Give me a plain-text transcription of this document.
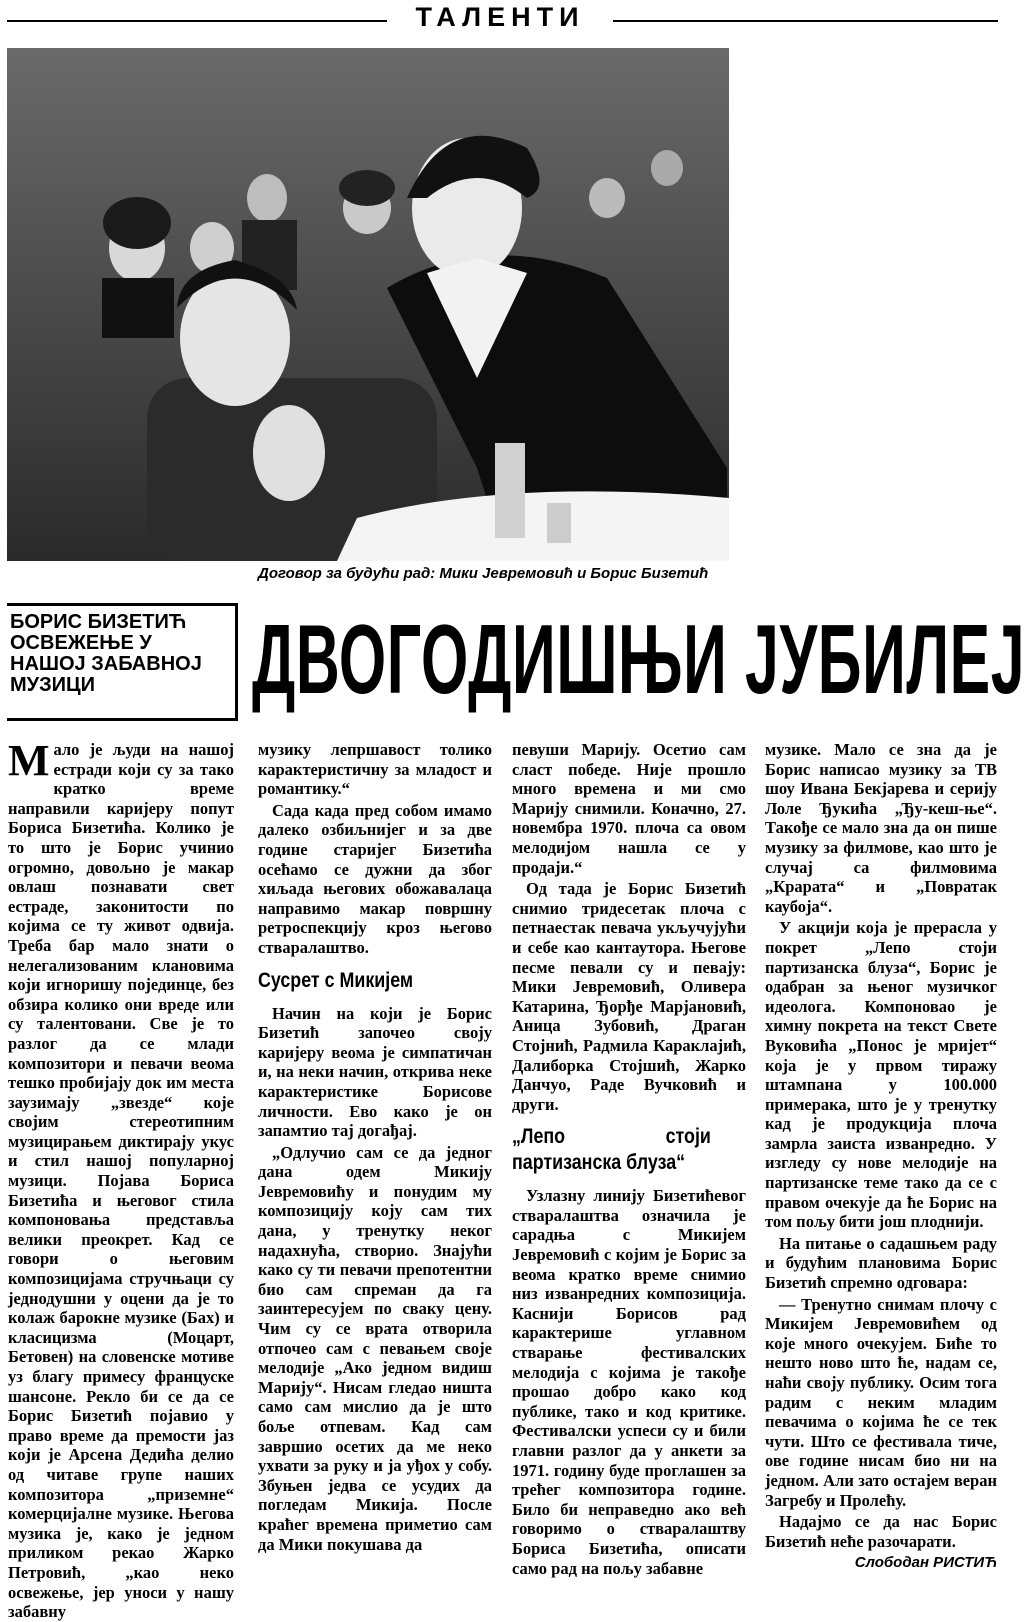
ТАЛЕНТИ
Договор за будући рад: Мики Јевремовић и Борис Бизетић
БОРИС БИЗЕТИЋ ОСВЕЖЕЊЕ У НАШОЈ ЗАБАВНОЈ МУЗИЦИ	ДВОГОДИШЊИ ЈУБИЛЕЈ

Мало је људи на нашој естради који су за тако кратко време направили каријеру попут Бориса Бизетића. Колико је то што је Борис учинио огромно, довољно је макар овлаш познавати свет естраде, законитости по којима се ту живот одвија. Треба бар мало знати о нелегализованим клановима који игноришу појединце, без обзира колико они вреде или су талентовани. Све је то разлог да се млади композитори и певачи веома тешко пробијају док им места заузимају „звезде“ које својим стереотипним музицирањем диктирају укус и стил нашој популарној музици. Појава Бориса Бизетића и његовог стила компоновања представља велики преокрет. Кад се говори о његовим композицијама стручњаци су једнодушни у оцени да је то колаж барокне музике (Бах) и класицизма (Моцарт, Бетовен) на словенске мотиве уз благу примесу француске шансоне. Рекло би се да се Борис Бизетић појавио у право време да премости јаз који је Арсена Дедића делио од читаве групе наших композитора „приземне“ комерцијалне музике. Његова музика је, како је једном приликом рекао Жарко Петровић, „као неко освежење, јер уноси у нашу забавну

музику лепршавост толико карактеристичну за младост и романтику.“

Сада када пред собом имамо далеко озбиљнијег и за две године старијег Бизетића осећамо се дужни да због хиљада његових обожавалаца направимо макар површну ретроспекцију кроз његово стваралаштво.

Сусрет с Микијем

Начин на који је Борис Бизетић започео своју каријеру веома је симпатичан и, на неки начин, открива неке карактеристике Борисове личности. Ево како је он запамтио тај догађај.

„Одлучио сам се да једног дана одем Микију Јевремовићу и понудим му композицију коју сам тих дана, у тренутку неког надахнућа, створио. Знајући како су ти певачи препотентни био сам спреман да га заинтересујем по сваку цену. Чим су се врата отворила отпочео сам с певањем своје мелодије „Ако једном видиш Марију“. Нисам гледао ништа само сам мислио да је што боље отпевам. Кад сам завршио осетих да ме неко ухвати за руку и ја уђох у собу. Збуњен једва се усудих да погледам Микија. После краћег времена приметио сам да Мики покушава да

певуши Марију. Осетио сам сласт победе. Није прошло много времена и ми смо Марију снимили. Коначно, 27. новембра 1970. плоча са овом мелодијом нашла се у продаји.“

Од тада је Борис Бизетић снимио тридесетак плоча с петнаестак певача укључујући и себе као кантаутора. Његове песме певали су и певају: Мики Јевремовић, Оливера Катарина, Ђорђе Марјановић, Аница Зубовић, Драган Стојнић, Радмила Караклајић, Далиборка Стојшић, Жарко Данчуо, Раде Вучковић и други.

„Лепо стоји партизанска блуза“

Узлазну линију Бизетићевог стваралаштва означила је сарадња с Микијем Јевремовић с којим је Борис за веома кратко време снимио низ изванредних композиција. Каснији Борисов рад карактерише углавном стварање фестивалских мелодија с којима је такође прошао добро како код публике, тако и код критике. Фестивалски успеси су и били главни разлог да у анкети за 1971. годину буде проглашен за трећег композитора године. Било би неправедно ако већ говоримо о стваралаштву Бориса Бизетића, описати само рад на пољу забавне

музике. Мало се зна да је Борис написао музику за ТВ шоу Ивана Бекјарева и серију Лоле Ђукића „Ђу-кеш-ње“. Такође се мало зна да он пише музику за филмове, као што је случај са филмовима „Крарата“ и „Повратак каубоја“.

У акцији која је прерасла у покрет „Лепо стоји партизанска блуза“, Борис је одабран за њеног музичког идеолога. Компоновао је химну покрета на текст Свете Вуковића „Понос је мријет“ која је у првом тиражу штампана у 100.000 примерака, што је у тренутку кад је продукција плоча замрла заиста изванредно. У изгледу су нове мелодије на партизанске теме тако да се с правом очекује да ће Борис на том пољу бити још плоднији.

На питање о садашњем раду и будућим плановима Борис Бизетић спремно одговара:

— Тренутно снимам плочу с Микијем Јевремовићем од које много очекујем. Биће то нешто ново што ће, надам се, наћи своју публику. Осим тога радим с неким младим певачима о којима ће се тек чути. Што се фестивала тиче, ове године нисам био ни на једном. Али зато остајем веран Загребу и Пролећу.

Надајмо се да нас Борис Бизетић неће разочарати.

Слободан РИСТИЋ
